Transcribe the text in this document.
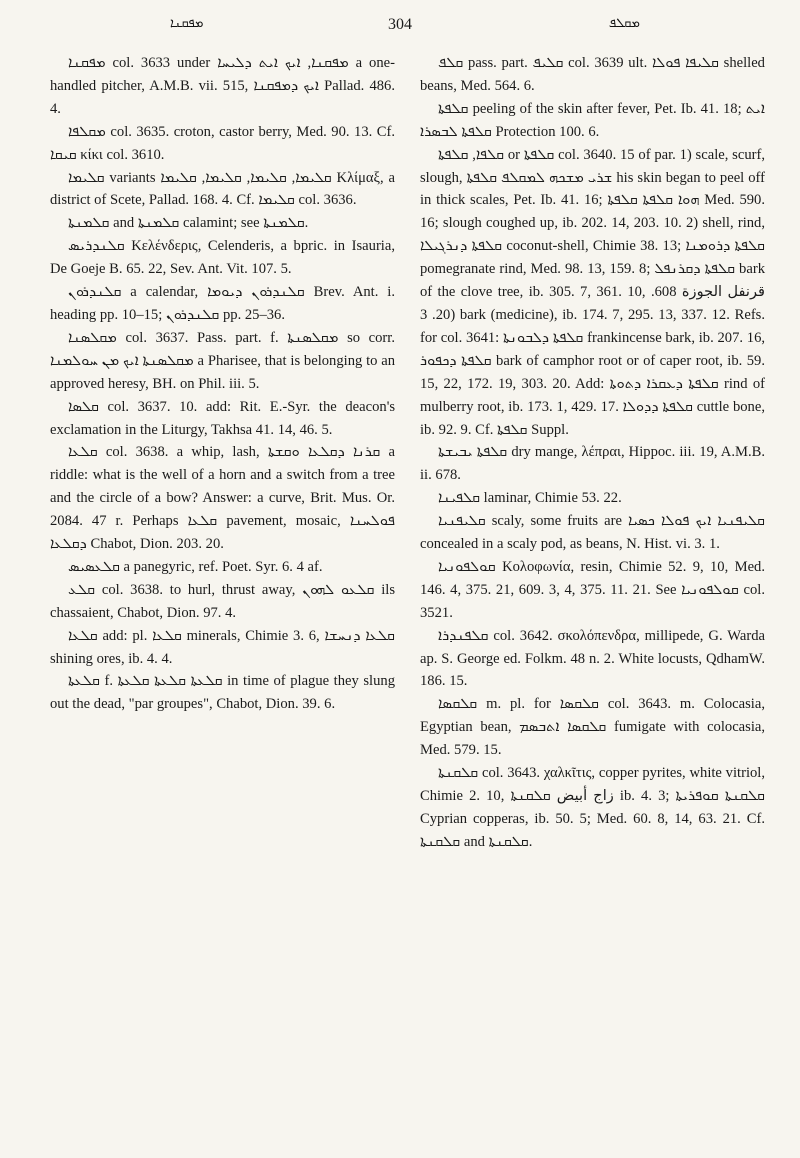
ܡܦܩܢܐ	304	ܡܩܠܦ

ܡܦܩܢܐ col. 3633 under ܡܦܩܢܐ, ܐܝܟ ܐܝܬ ܕܠܝܚܐ a one-handled pitcher, A.M.B. vii. 515, ܐܝܟ ܕܡܦܩܢܐ Pallad. 486. 4.

ܡܩܠܦܐ col. 3635. croton, castor berry, Med. 90. 13. Cf. ܩܝܩܐ κίκι col. 3610.

ܩܠܝܡܐ variants ܩܠܝܡܐ, ܩܠܝܡܐ, ܩܠܝܡܐ, ܩܠܝܡܐ Κλίμαξ, a district of Scete, Pallad. 168. 4. Cf. ܩܠܝܡܐ col. 3636.

ܩܠܡܢܬܐ and ܩܠܡܢܬܐ calamint; see ܩܠܡܢܬܐ.

ܩܠܢܕܪܝܣ Κελένδερις, Celenderis, a bpric. in Isauria, De Goeje B. 65. 22, Sev. Ant. Vit. 107. 5.

ܩܠܢܕܪܘܢ a calendar, ܩܠܢܕܪܘܢ ܕܝܘܡܐ Brev. Ant. i. heading pp. 10–15; ܩܠܢܕܪܘܢ pp. 25–36.

ܡܩܠܣܢܐ col. 3637. Pass. part. f. ܡܩܠܣܢܬܐ so corr. ܡܩܠܣܢܬܐ ܐܝܟ ܡܢ ܚܘܠܡܢܐ a Pharisee, that is belonging to an approved heresy, BH. on Phil. iii. 5.

ܩܠܣܐ col. 3637. 10. add: Rit. E.-Syr. the deacon's exclamation in the Liturgy, Takhsa 41. 14, 46. 5.

ܩܠܥܐ col. 3638. a whip, lash, ܩܪܢܐ ܕܩܠܥܐ ܘܩܫܬܐ a riddle: what is the well of a horn and a switch from a tree and the circle of a bow? Answer: a curve, Brit. Mus. Or. 2084. 47 r. Perhaps ܩܠܥܐ pavement, mosaic, ܦܘܠܚܢܐ ܕܩܠܥܐ Chabot, Dion. 203. 20.

ܩܠܥܣܝܣ a panegyric, ref. Poet. Syr. 6. 4 af.

ܩܠܥ col. 3638. to hurl, thrust away, ܩܠܥܘ ܠܗܘܢ ils chassaient, Chabot, Dion. 97. 4.

ܩܠܥܐ add: pl. ܩܠܥܐ minerals, Chimie 3. 6, ܩܠܥܐ ܕܢܚܫܐ shining ores, ib. 4. 4.

ܩܠܥܬܐ f. ܩܠܥܬܐ ܩܠܥܬܐ ܩܠܥܬܐ in time of plague they slung out the dead, "par groupes", Chabot, Dion. 39. 6.

ܩܠܦ pass. part. ܩܠܝܦ col. 3639 ult. ܩܠܝܦܐ ܦܘܠܐ shelled beans, Med. 564. 6.

ܩܠܦܬܐ peeling of the skin after fever, Pet. Ib. 41. 18; ܐܝܬ ܩܠܦܬܐ ܠܒܣܪܐ Protection 100. 6.

ܩܠܦܐ, ܩܠܦܬܐ or ܩܠܦܬܐ col. 3640. 15 of par. 1) scale, scurf, slough, ܫܪܝ ܡܫܟܗ ܠܡܩܠܦ ܩܠܦܬܐ his skin began to peel off in thick scales, Pet. Ib. 41. 16; ܗܘܐ ܩܠܦܬܐ ܩܠܦܬܐ Med. 590. 16; slough coughed up, ib. 202. 14, 203. 10. 2) shell, rind, ܩܠܦܬܐ ܕܢܪܓܝܠܐ coconut-shell, Chimie 38. 13; ܩܠܦܬܐ ܕܪܘܡܢܐ pomegranate rind, Med. 98. 13, 159. 8; ܩܠܦܬܐ ܕܩܪܢܦܠ bark of the clove tree, ib. 305. 7, 361. 10, قرنفل الجوزة 608. 20. 3) bark (medicine), ib. 174. 7, 295. 13, 337. 12. Refs. for col. 3641: ܩܠܦܬܐ ܕܠܒܘܢܬܐ frankincense bark, ib. 207. 16, ܩܠܦܬܐ ܕܟܦܘܪ bark of camphor root or of caper root, ib. 59. 15, 22, 172. 19, 303. 20. Add: ܩܠܦܬܐ ܕܥܩܪܐ ܕܬܘܬܐ rind of mulberry root, ib. 173. 1, 429. 17. ܩܠܦܬܐ ܕܕܘܠܐ cuttle bone, ib. 92. 9. Cf. ܩܠܦܬܐ Suppl.

ܩܠܦܬܐ ܝܒܝܫܬܐ dry mange, λέπραι, Hippoc. iii. 19, A.M.B. ii. 678.

ܩܠܦܝܢܐ laminar, Chimie 53. 22.

ܩܠܝܦܢܝܐ scaly, some fruits are ܩܠܝܦܢܝܐ ܐܝܟ ܦܘܠܐ ܟܣܝܐ concealed in a scaly pod, as beans, N. Hist. vi. 3. 1.

ܩܘܠܦܘܢܝܐ Κολοφωνία, resin, Chimie 52. 9, 10, Med. 146. 4, 375. 21, 609. 3, 4, 375. 11. 21. See ܩܘܠܦܘܢܝܐ col. 3521.

ܩܠܦܢܕܪܐ col. 3642. σκολόπενδρα, millipede, G. Warda ap. S. George ed. Folkm. 48 n. 2. White locusts, QdhamW. 186. 15.

ܩܠܩܣܐ m. pl. for ܩܠܩܣܐ col. 3643. m. Colocasia, Egyptian bean, ܩܠܩܣܐ ܐܬܒܣܡ fumigate with colocasia, Med. 579. 15.

ܩܠܩܢܬܐ col. 3643. χαλκῖτις, copper pyrites, white vitriol, Chimie 2. 10, زاج أبيض ܩܠܩܢܬܐ ib. 4. 3; ܩܠܩܢܬܐ ܩܘܦܪܝܬܐ Cyprian copperas, ib. 50. 5; Med. 60. 8, 14, 63. 21. Cf. ܩܠܩܢܬܐ and ܩܠܩܢܬܐ.
